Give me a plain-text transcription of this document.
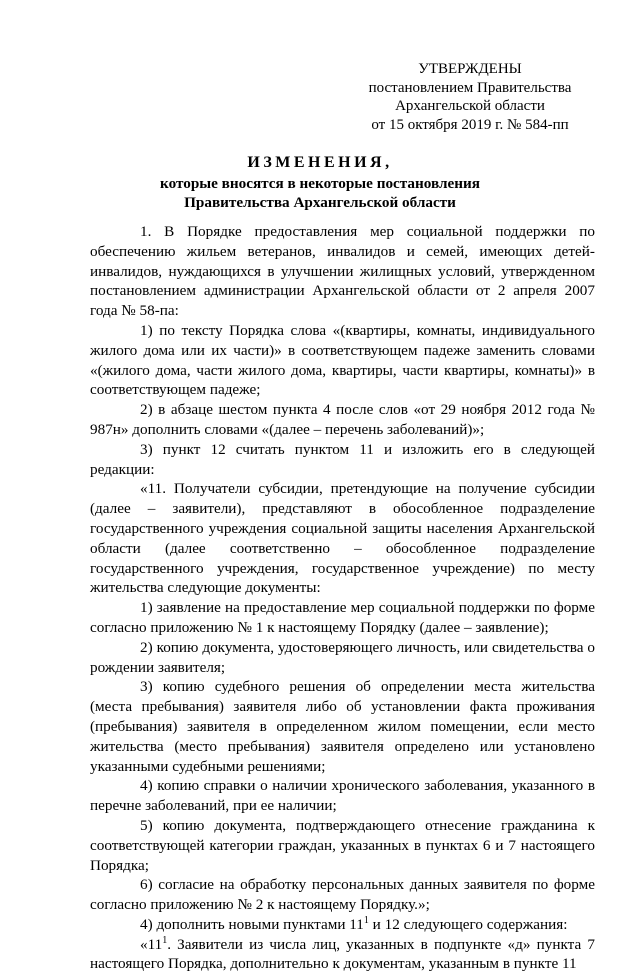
УТВЕРЖДЕНЫ
постановлением Правительства
Архангельской области
от 15 октября 2019 г. № 584-пп
ИЗМЕНЕНИЯ,
которые вносятся в некоторые постановления
Правительства Архангельской области

1. В Порядке предоставления мер социальной поддержки по обеспечению жильем ветеранов, инвалидов и семей, имеющих детей-инвалидов, нуждающихся в улучшении жилищных условий, утвержденном постановлением администрации Архангельской области от 2 апреля 2007 года № 58-па:

1) по тексту Порядка слова «(квартиры, комнаты, индивидуального жилого дома или их части)» в соответствующем падеже заменить словами «(жилого дома, части жилого дома, квартиры, части квартиры, комнаты)» в соответствующем падеже;

2) в абзаце шестом пункта 4 после слов «от 29 ноября 2012 года № 987н» дополнить словами «(далее – перечень заболеваний)»;

3) пункт 12 считать пунктом 11 и изложить его в следующей редакции:

«11. Получатели субсидии, претендующие на получение субсидии (далее – заявители), представляют в обособленное подразделение государственного учреждения социальной защиты населения Архангельской области (далее соответственно – обособленное подразделение государственного учреждения, государственное учреждение) по месту жительства следующие документы:

1) заявление на предоставление мер социальной поддержки по форме согласно приложению № 1 к настоящему Порядку (далее – заявление);

2) копию документа, удостоверяющего личность, или свидетельства о рождении заявителя;

3) копию судебного решения об определении места жительства (места пребывания) заявителя либо об установлении факта проживания (пребывания) заявителя в определенном жилом помещении, если место жительства (место пребывания) заявителя определено или установлено указанными судебными решениями;

4) копию справки о наличии хронического заболевания, указанного в перечне заболеваний, при ее наличии;

5) копию документа, подтверждающего отнесение гражданина к соответствующей категории граждан, указанных в пунктах 6 и 7 настоящего Порядка;

6) согласие на обработку персональных данных заявителя по форме согласно приложению № 2 к настоящему Порядку.»;

4) дополнить новыми пунктами $11^1$ и 12 следующего содержания:

«$11^1$. Заявители из числа лиц, указанных в подпункте «д» пункта 7 настоящего Порядка, дополнительно к документам, указанным в пункте 11
